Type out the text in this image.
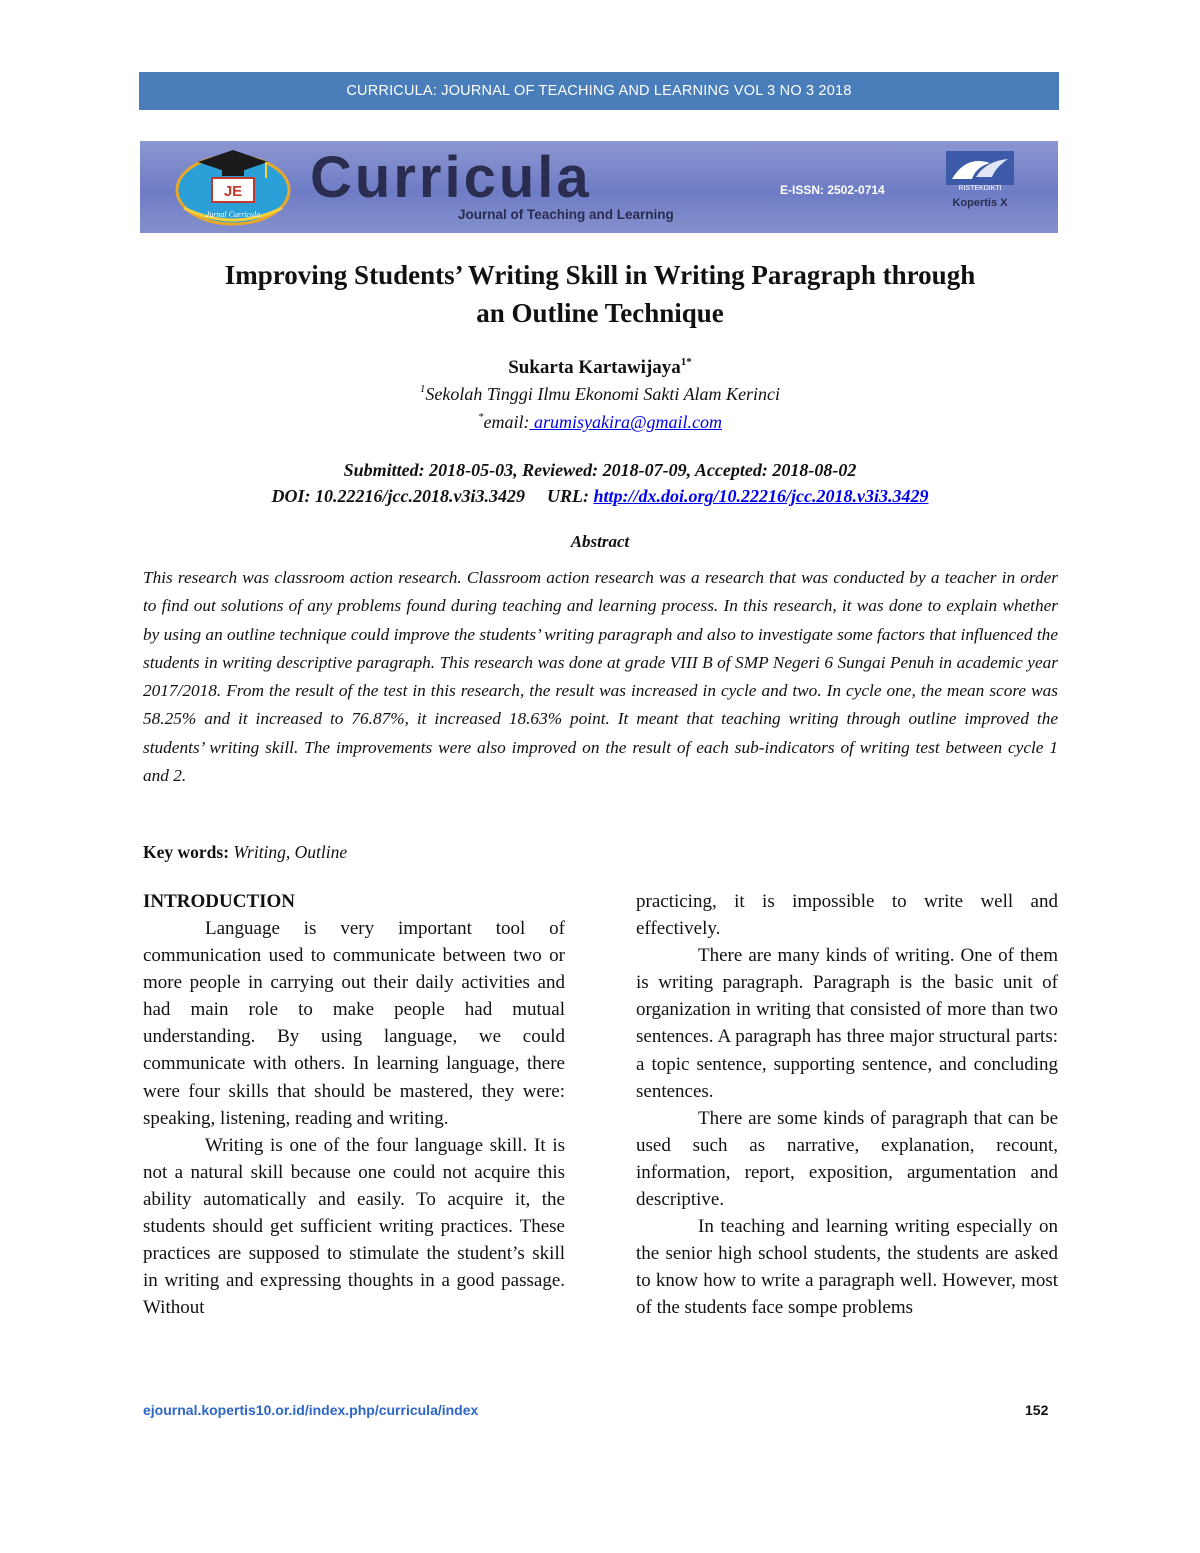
CURRICULA: JOURNAL OF TEACHING AND LEARNING VOL 3 NO 3 2018
JE
Jurnal Curricula
Curricula
Journal of Teaching and Learning
E-ISSN: 2502-0714	RISTEKDIKTI
Kopertis X
Improving Students’ Writing Skill in Writing Paragraph through
an Outline Technique
Sukarta Kartawijaya$^{1*}$
$^1$Sekolah Tinggi Ilmu Ekonomi Sakti Alam Kerinci
*email: arumisyakira@gmail.com
Submitted: 2018-05-03, Reviewed: 2018-07-09, Accepted: 2018-08-02
DOI: 10.22216/jcc.2018.v3i3.3429 URL: http://dx.doi.org/10.22216/jcc.2018.v3i3.3429
Abstract

This research was classroom action research. Classroom action research was a research that was conducted by a teacher in order to find out solutions of any problems found during teaching and learning process. In this research, it was done to explain whether by using an outline technique could improve the students’ writing paragraph and also to investigate some factors that influenced the students in writing descriptive paragraph. This research was done at grade VIII B of SMP Negeri 6 Sungai Penuh in academic year 2017/2018. From the result of the test in this research, the result was increased in cycle and two. In cycle one, the mean score was 58.25% and it increased to 76.87%, it increased 18.63% point. It meant that teaching writing through outline improved the students’ writing skill. The improvements were also improved on the result of each sub-indicators of writing test between cycle 1 and 2.

Key words: Writing, Outline
INTRODUCTION

Language is very important tool of communication used to communicate between two or more people in carrying out their daily activities and had main role to make people had mutual understanding. By using language, we could communicate with others. In learning language, there were four skills that should be mastered, they were: speaking, listening, reading and writing.

Writing is one of the four language skill. It is not a natural skill because one could not acquire this ability automatically and easily. To acquire it, the students should get sufficient writing practices. These practices are supposed to stimulate the student’s skill in writing and expressing thoughts in a good passage. Without

practicing, it is impossible to write well and effectively.

There are many kinds of writing. One of them is writing paragraph. Paragraph is the basic unit of organization in writing that consisted of more than two sentences. A paragraph has three major structural parts: a topic sentence, supporting sentence, and concluding sentences.

There are some kinds of paragraph that can be used such as narrative, explanation, recount, information, report, exposition, argumentation and descriptive.

In teaching and learning writing especially on the senior high school students, the students are asked to know how to write a paragraph well. However, most of the students face sompe problems

ejournal.kopertis10.or.id/index.php/curricula/index	152
